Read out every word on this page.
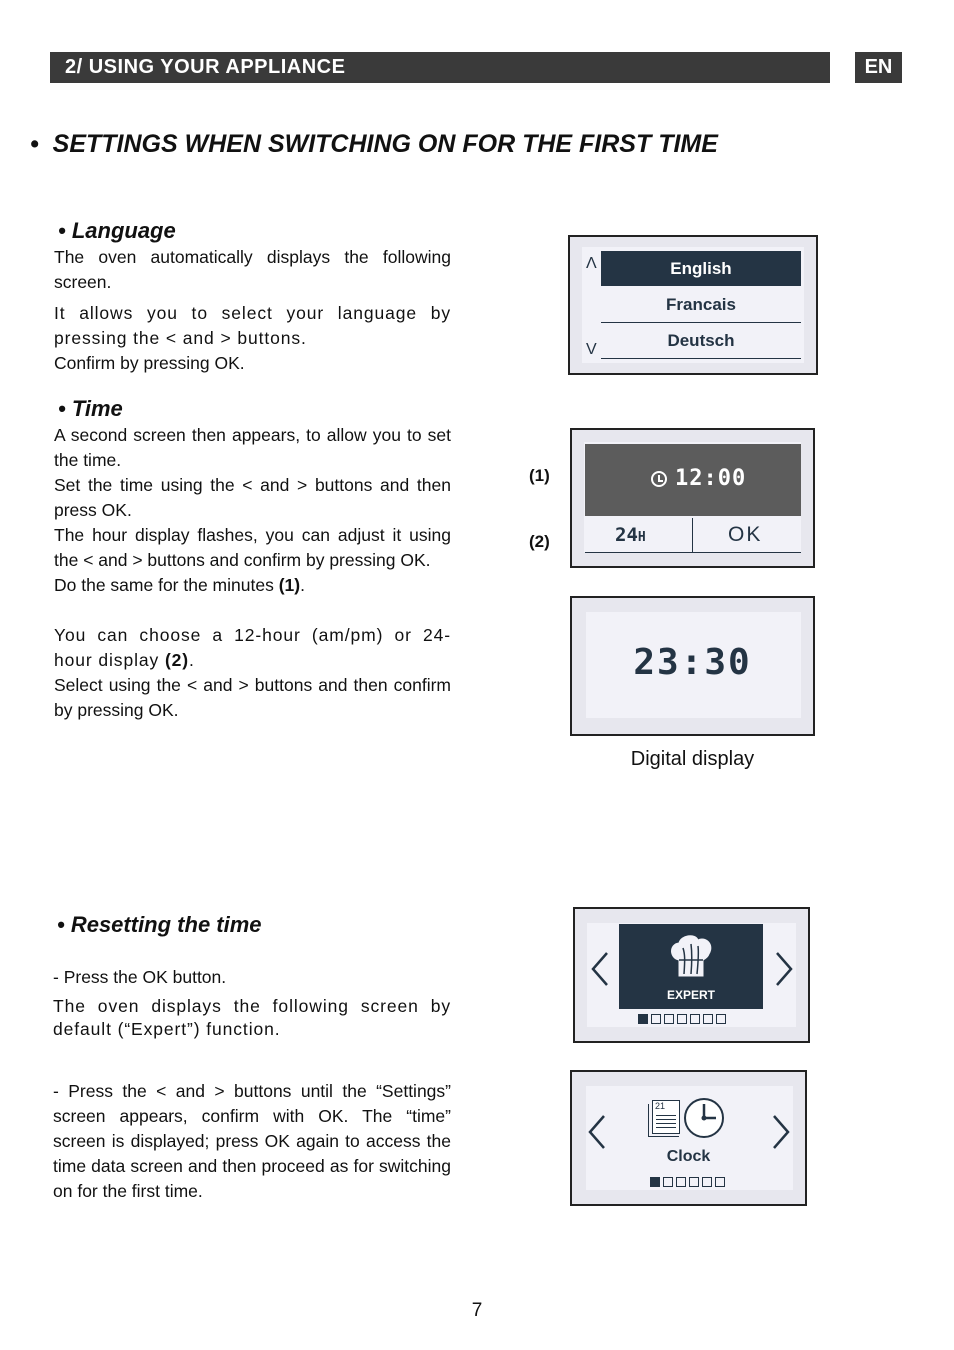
2/ USING YOUR APPLIANCE	EN
•  SETTINGS WHEN SWITCHING ON FOR THE FIRST TIME
• Language

The oven automatically displays the following screen.

It allows you to select your language by pressing the < and > buttons.

Confirm by pressing OK.

Λ
V
English
Francais
Deutsch
• Time

A second screen then appears, to allow you to set the time.

Set the time using the < and > buttons and then press OK.

The hour display flashes, you can adjust it using the < and > buttons and confirm by pressing OK.

Do the same for the minutes (1).

You can choose a 12-hour (am/pm) or 24-hour display (2).

Select using the < and > buttons and then confirm by pressing OK.

(1)
(2)
12:00
24H	OK
23:30
Digital display
• Resetting the time

- Press the OK button.

The oven displays the following screen by default (“Expert”) function.

- Press the < and > buttons until the “Settings” screen appears, confirm with OK. The “time” screen is displayed; press OK again to access the time data screen and then proceed as for switching on for the first time.

EXPERT
21
Clock
7
